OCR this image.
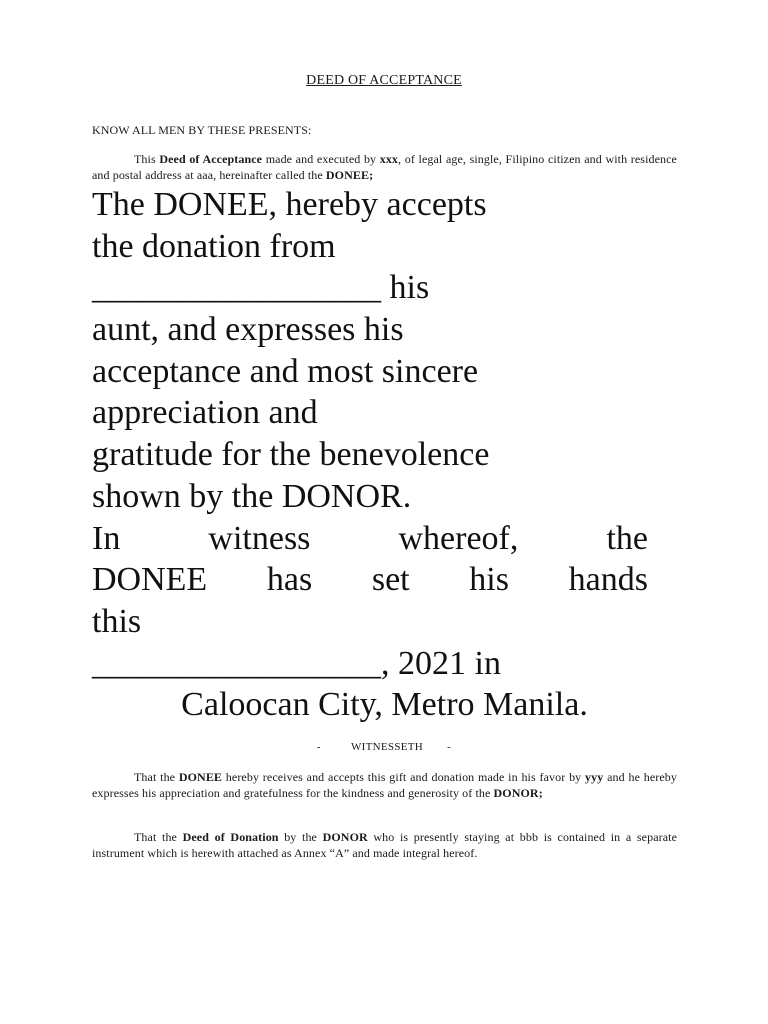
DEED OF ACCEPTANCE
KNOW ALL MEN BY THESE PRESENTS:
This Deed of Acceptance made and executed by xxx, of legal age, single, Filipino citizen and with residence and postal address at aaa, hereinafter called the DONEE;
The DONEE, hereby accepts
the donation from
_________________ his
aunt, and expresses his
acceptance and most sincere
appreciation and
gratitude for the benevolence
shown by the DONOR.
In	witness	whereof,	the
DONEE has set his hands
this
_________________, 2021 in
Caloocan City, Metro Manila.
-	WITNESSETH -
That the DONEE hereby receives and accepts this gift and donation made in his favor by yyy and he hereby expresses his appreciation and gratefulness for the kindness and generosity of the DONOR;
That the Deed of Donation by the DONOR who is presently staying at bbb is contained in a separate instrument which is herewith attached as Annex “A” and made integral hereof.
